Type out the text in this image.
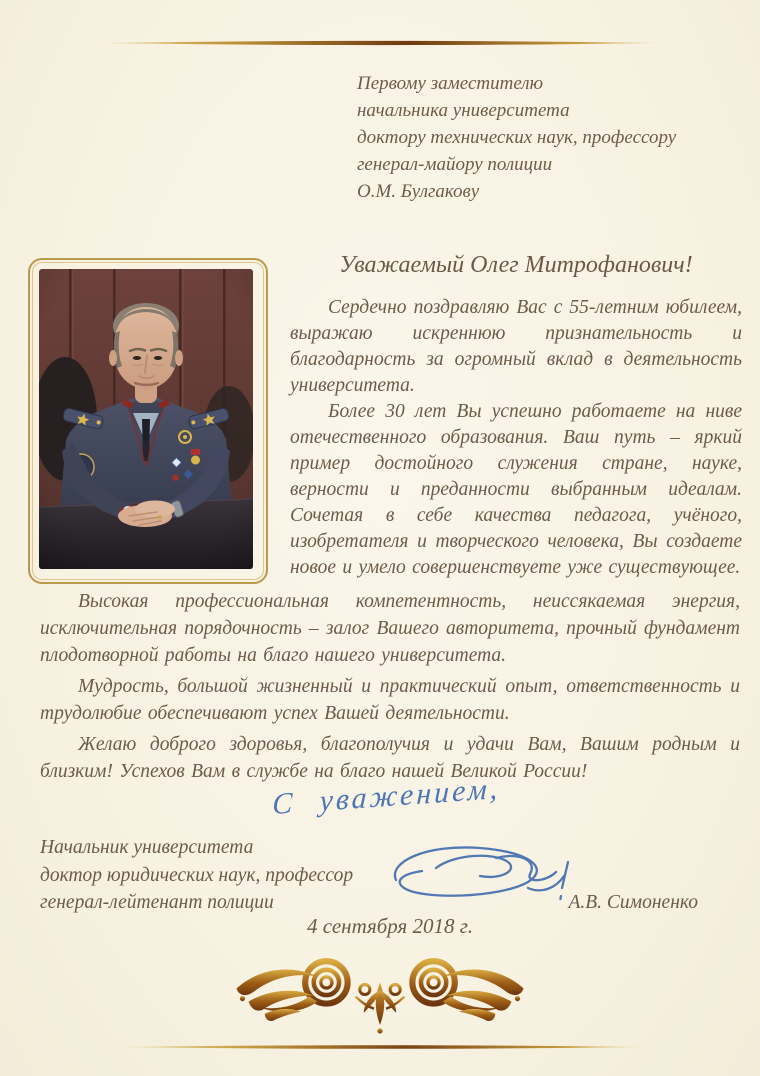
Первому заместителю
начальника университета
доктору технических наук, профессору
генерал-майору полиции
О.М. Булгакову
Уважаемый Олег Митрофанович!

Сердечно поздравляю Вас с 55-летним юбилеем, выражаю искреннюю признательность и благодарность за огромный вклад в деятельность университета.

Более 30 лет Вы успешно работаете на ниве отечественного образования. Ваш путь – яркий пример достойного служения стране, науке, верности и преданности выбранным идеалам. Сочетая в себе качества педагога, учёного, изобретателя и творческого человека, Вы создаете новое и умело совершенствуете уже существующее.

Высокая профессиональная компетентность, неиссякаемая энергия, исключительная порядочность – залог Вашего авторитета, прочный фундамент плодотворной работы на благо нашего университета.

Мудрость, большой жизненный и практический опыт, ответственность и трудолюбие обеспечивают успех Вашей деятельности.

Желаю доброго здоровья, благополучия и удачи Вам, Вашим родным и близким! Успехов Вам в службе на благо нашей Великой России!

С уважением,
Начальник университета
доктор юридических наук, профессор
генерал-лейтенант полиции	А.В. Симоненко
4 сентября 2018 г.
